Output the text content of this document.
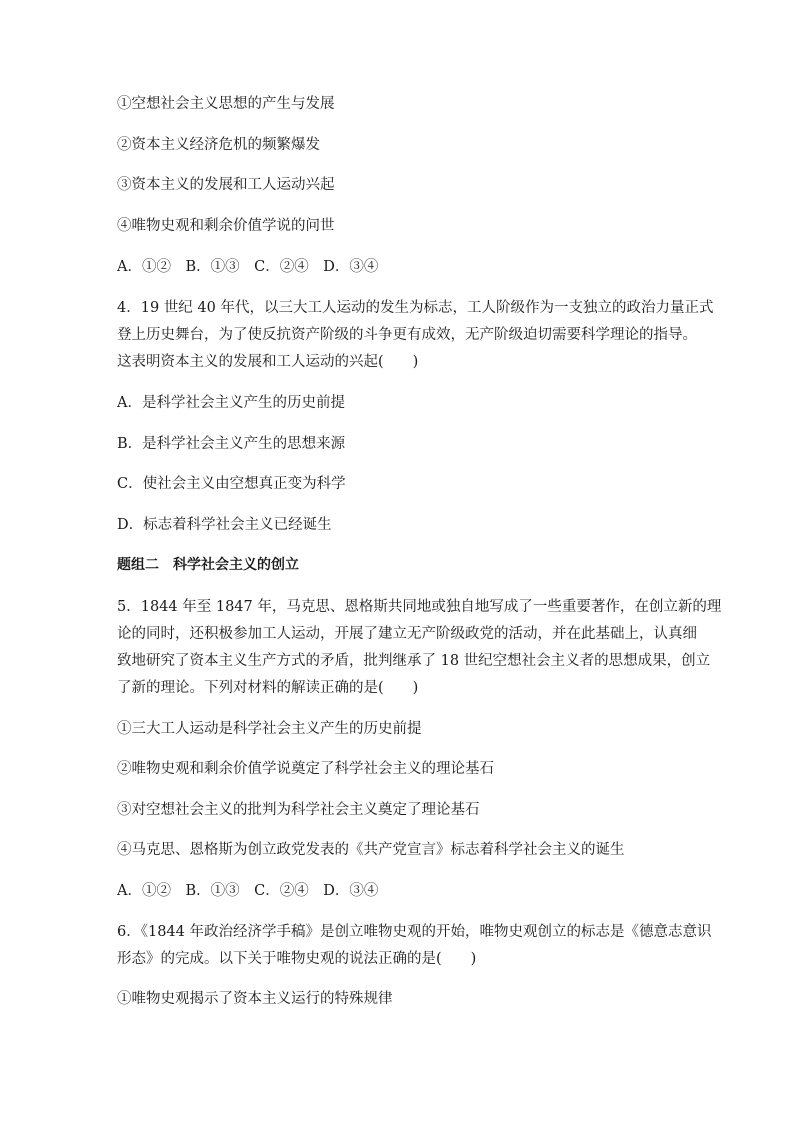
①空想社会主义思想的产生与发展
②资本主义经济危机的频繁爆发
③资本主义的发展和工人运动兴起
④唯物史观和剩余价值学说的问世
A．①②　B．①③　C．②④　D．③④
4．19 世纪 40 年代，以三大工人运动的发生为标志，工人阶级作为一支独立的政治力量正式
登上历史舞台，为了使反抗资产阶级的斗争更有成效，无产阶级迫切需要科学理论的指导。
这表明资本主义的发展和工人运动的兴起(　　)
A．是科学社会主义产生的历史前提
B．是科学社会主义产生的思想来源
C．使社会主义由空想真正变为科学
D．标志着科学社会主义已经诞生
题组二　科学社会主义的创立
5．1844 年至 1847 年，马克思、恩格斯共同地或独自地写成了一些重要著作，在创立新的理
论的同时，还积极参加工人运动，开展了建立无产阶级政党的活动，并在此基础上，认真细
致地研究了资本主义生产方式的矛盾，批判继承了 18 世纪空想社会主义者的思想成果，创立
了新的理论。下列对材料的解读正确的是(　　)
①三大工人运动是科学社会主义产生的历史前提
②唯物史观和剩余价值学说奠定了科学社会主义的理论基石
③对空想社会主义的批判为科学社会主义奠定了理论基石
④马克思、恩格斯为创立政党发表的《共产党宣言》标志着科学社会主义的诞生
A．①②　B．①③　C．②④　D．③④
6．《1844 年政治经济学手稿》是创立唯物史观的开始，唯物史观创立的标志是《德意志意识
形态》的完成。以下关于唯物史观的说法正确的是(　　)
①唯物史观揭示了资本主义运行的特殊规律
